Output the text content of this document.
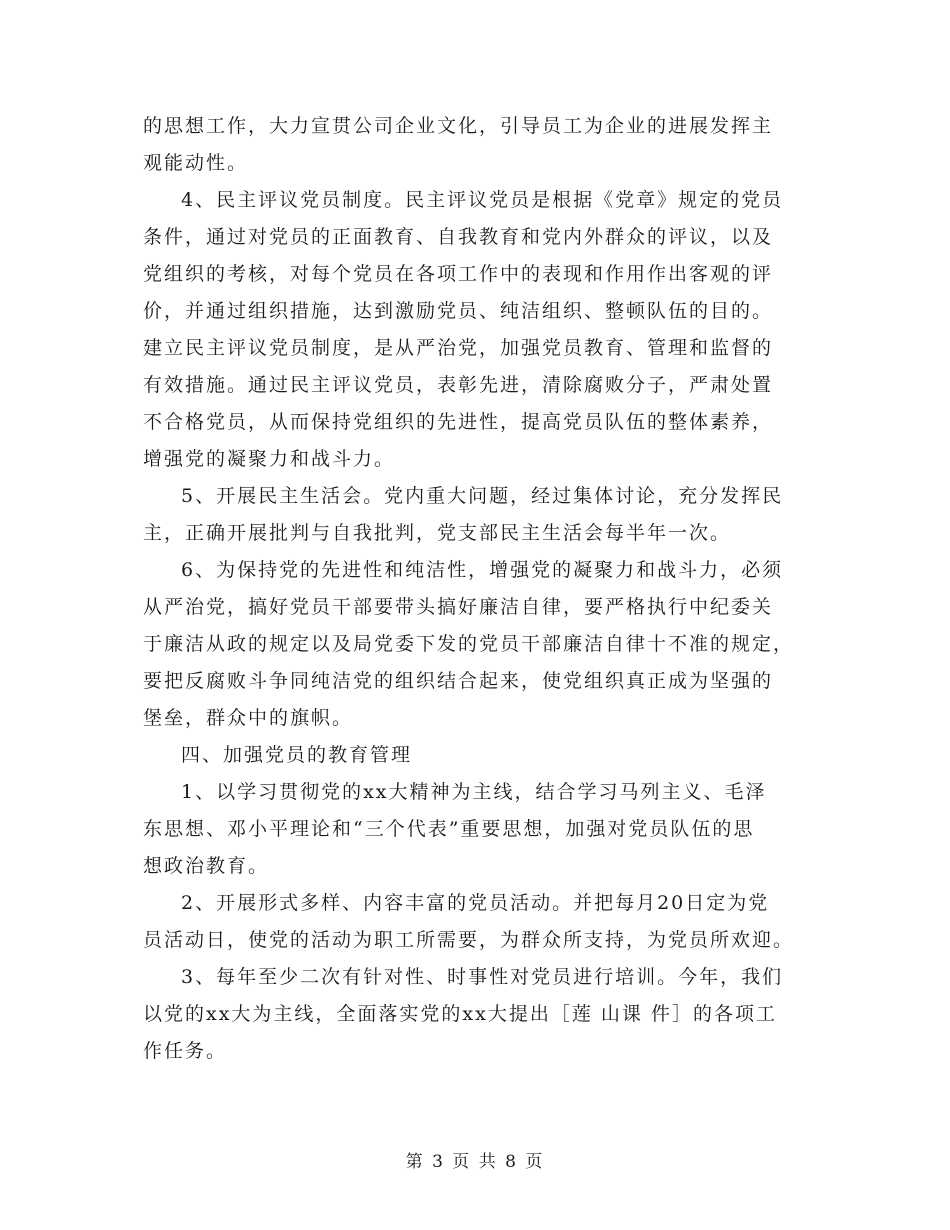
的思想工作，大力宣贯公司企业文化，引导员工为企业的进展发挥主
观能动性。
4、民主评议党员制度。民主评议党员是根据《党章》规定的党员
条件，通过对党员的正面教育、自我教育和党内外群众的评议，以及
党组织的考核，对每个党员在各项工作中的表现和作用作出客观的评
价，并通过组织措施，达到激励党员、纯洁组织、整顿队伍的目的。
建立民主评议党员制度，是从严治党，加强党员教育、管理和监督的
有效措施。通过民主评议党员，表彰先进，清除腐败分子，严肃处置
不合格党员，从而保持党组织的先进性，提高党员队伍的整体素养，
增强党的凝聚力和战斗力。
5、开展民主生活会。党内重大问题，经过集体讨论，充分发挥民
主，正确开展批判与自我批判，党支部民主生活会每半年一次。
6、为保持党的先进性和纯洁性，增强党的凝聚力和战斗力，必须
从严治党，搞好党员干部要带头搞好廉洁自律，要严格执行中纪委关
于廉洁从政的规定以及局党委下发的党员干部廉洁自律十不准的规定，
要把反腐败斗争同纯洁党的组织结合起来，使党组织真正成为坚强的
堡垒，群众中的旗帜。
四、加强党员的教育管理
1、以学习贯彻党的xx大精神为主线，结合学习马列主义、毛泽
东思想、邓小平理论和“三个代表”重要思想，加强对党员队伍的思
想政治教育。
2、开展形式多样、内容丰富的党员活动。并把每月20日定为党
员活动日，使党的活动为职工所需要，为群众所支持，为党员所欢迎。
3、每年至少二次有针对性、时事性对党员进行培训。今年，我们
以党的xx大为主线，全面落实党的xx大提出［莲 山课 件］的各项工
作任务。
第 3 页 共 8 页
